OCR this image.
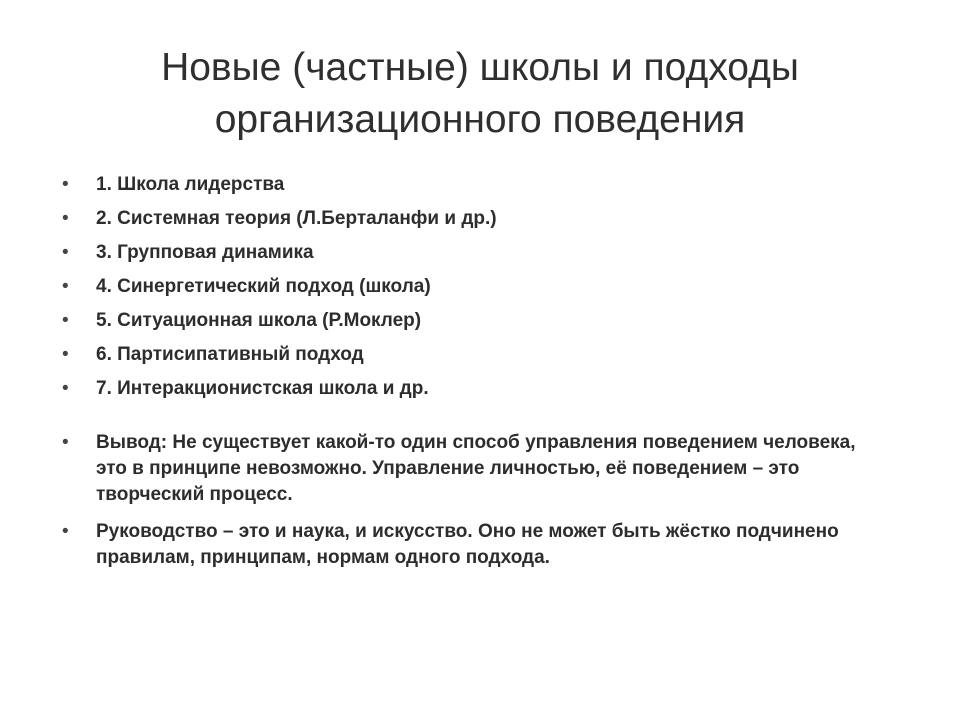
Новые (частные) школы и подходы
организационного поведения
• 1. Школа лидерства
• 2. Системная теория (Л.Берталанфи и др.)
• 3. Групповая динамика
• 4. Синергетический подход (школа)
• 5. Ситуационная школа (Р.Моклер)
• 6. Партисипативный подход
• 7. Интеракционистская школа и др.
• Вывод: Не существует какой-то один способ управления поведением человека, это в принципе невозможно. Управление личностью, её поведением – это творческий процесс.
• Руководство – это и наука, и искусство. Оно не может быть жёстко подчинено правилам, принципам, нормам одного подхода.
